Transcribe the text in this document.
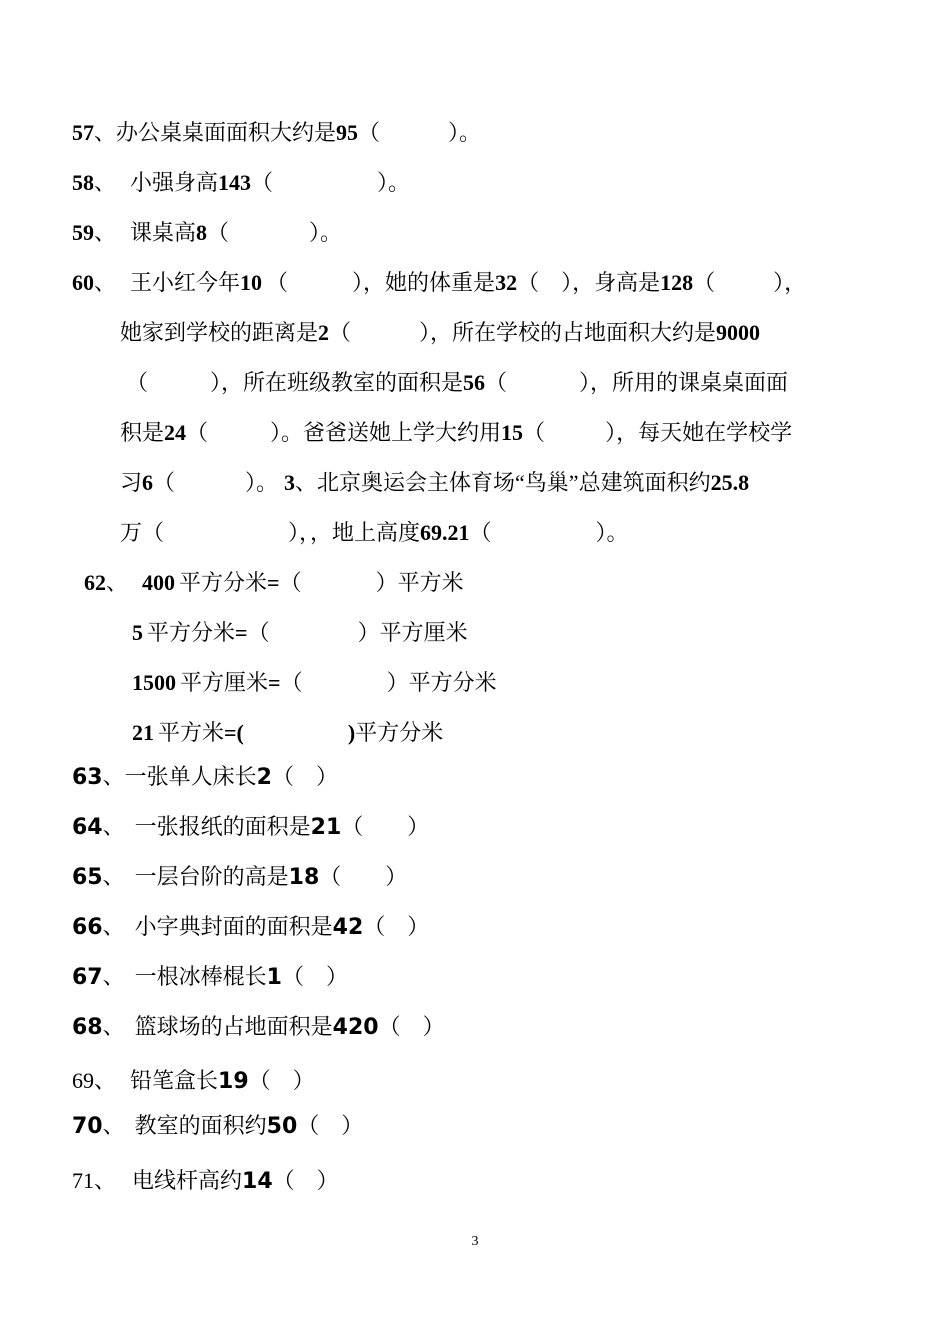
57、办公桌桌面面积大约是95（	）。
58、 小强身高143（	）。
59、 课桌高8（	）。
60、 王小红今年10 （	），她的体重是32（ ），身高是128（	），
她家到学校的距离是2（	），所在学校的占地面积大约是9000
（	），所在班级教室的面积是56（	），所用的课桌桌面面
积是24（	）。爸爸送她上学大约用15（	），每天她在学校学
习6（	）。 3、北京奥运会主体育场“鸟巢”总建筑面积约25.8
万（	），，地上高度69.21（	）。
62、 400 平方分米=（	）平方米
5 平方分米=（	）平方厘米
1500 平方厘米=（	）平方分米
21 平方米=(	)平方分米
63、一张单人床长2（　）
64、 一张报纸的面积是21（　　）
65、 一层台阶的高是18（　　）
66、 小字典封面的面积是42（　）
67、 一根冰棒棍长1（　）
68、 篮球场的占地面积是420（　）
69、 铅笔盒长19（　）
70、 教室的面积约50（　）
71、 电线杆高约14（　）
3
